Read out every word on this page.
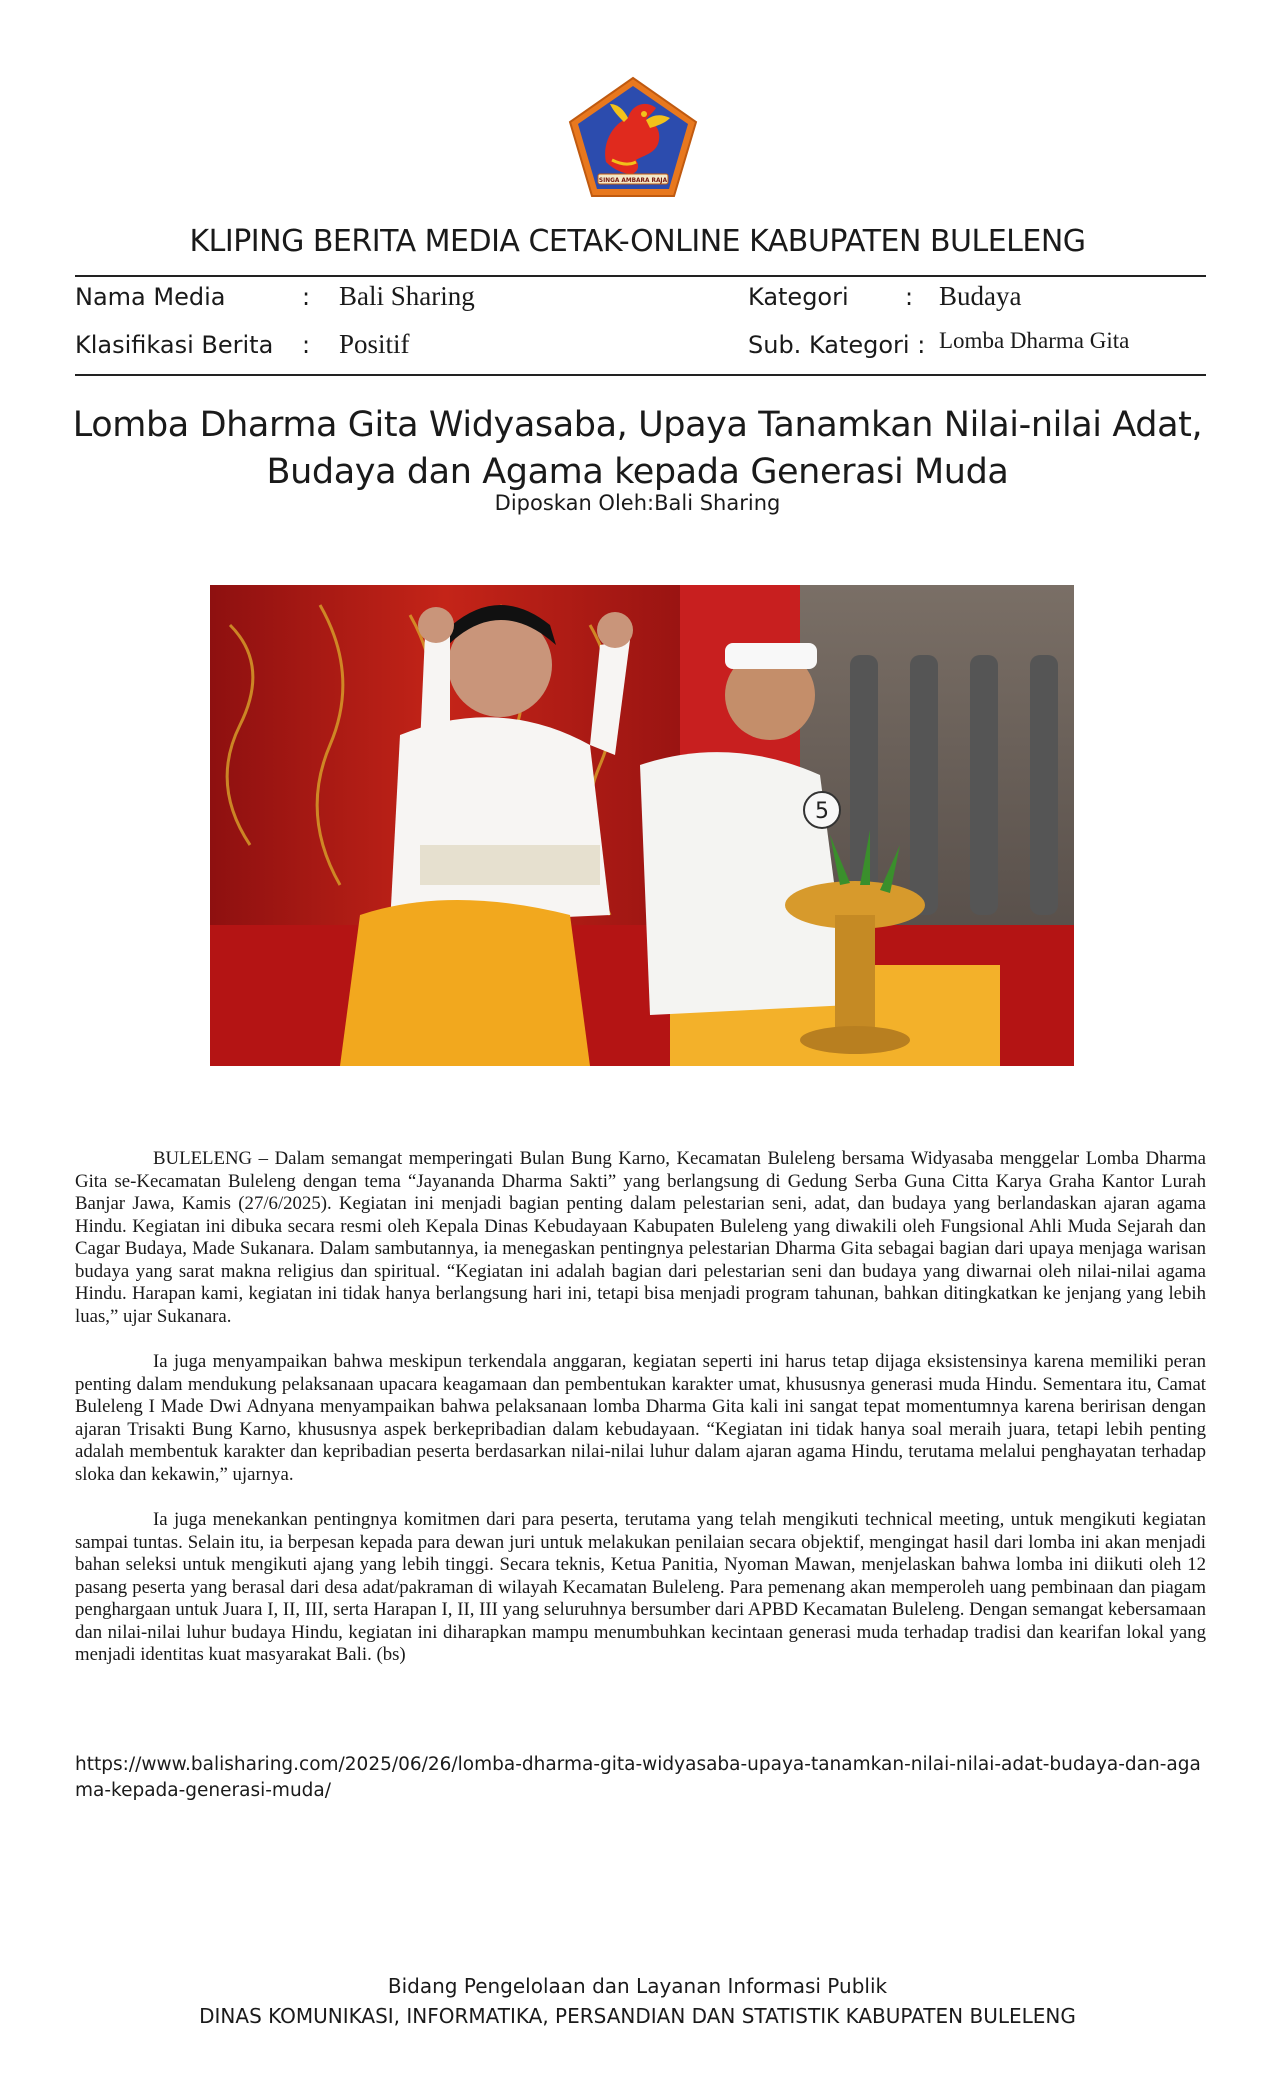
SINGA AMBARA RAJA
KLIPING BERITA MEDIA CETAK-ONLINE KABUPATEN BULELENG
Nama Media	: Bali Sharing
Klasifikasi Berita : Positif
Kategori : Budaya
Sub. Kategori : Lomba Dharma Gita
Lomba Dharma Gita Widyasaba, Upaya Tanamkan Nilai-nilai Adat,
Budaya dan Agama kepada Generasi Muda
Diposkan Oleh:Bali Sharing
5

BULELENG – Dalam semangat memperingati Bulan Bung Karno, Kecamatan Buleleng bersama Widyasaba menggelar Lomba Dharma Gita se-Kecamatan Buleleng dengan tema “Jayananda Dharma Sakti” yang berlangsung di Gedung Serba Guna Citta Karya Graha Kantor Lurah Banjar Jawa, Kamis (27/6/2025). Kegiatan ini menjadi bagian penting dalam pelestarian seni, adat, dan budaya yang berlandaskan ajaran agama Hindu. Kegiatan ini dibuka secara resmi oleh Kepala Dinas Kebudayaan Kabupaten Buleleng yang diwakili oleh Fungsional Ahli Muda Sejarah dan Cagar Budaya, Made Sukanara. Dalam sambutannya, ia menegaskan pentingnya pelestarian Dharma Gita sebagai bagian dari upaya menjaga warisan budaya yang sarat makna religius dan spiritual. “Kegiatan ini adalah bagian dari pelestarian seni dan budaya yang diwarnai oleh nilai-nilai agama Hindu. Harapan kami, kegiatan ini tidak hanya berlangsung hari ini, tetapi bisa menjadi program tahunan, bahkan ditingkatkan ke jenjang yang lebih luas,” ujar Sukanara.

Ia juga menyampaikan bahwa meskipun terkendala anggaran, kegiatan seperti ini harus tetap dijaga eksistensinya karena memiliki peran penting dalam mendukung pelaksanaan upacara keagamaan dan pembentukan karakter umat, khususnya generasi muda Hindu. Sementara itu, Camat Buleleng I Made Dwi Adnyana menyampaikan bahwa pelaksanaan lomba Dharma Gita kali ini sangat tepat momentumnya karena beririsan dengan ajaran Trisakti Bung Karno, khususnya aspek berkepribadian dalam kebudayaan. “Kegiatan ini tidak hanya soal meraih juara, tetapi lebih penting adalah membentuk karakter dan kepribadian peserta berdasarkan nilai-nilai luhur dalam ajaran agama Hindu, terutama melalui penghayatan terhadap sloka dan kekawin,” ujarnya.

Ia juga menekankan pentingnya komitmen dari para peserta, terutama yang telah mengikuti technical meeting, untuk mengikuti kegiatan sampai tuntas. Selain itu, ia berpesan kepada para dewan juri untuk melakukan penilaian secara objektif, mengingat hasil dari lomba ini akan menjadi bahan seleksi untuk mengikuti ajang yang lebih tinggi. Secara teknis, Ketua Panitia, Nyoman Mawan, menjelaskan bahwa lomba ini diikuti oleh 12 pasang peserta yang berasal dari desa adat/pakraman di wilayah Kecamatan Buleleng. Para pemenang akan memperoleh uang pembinaan dan piagam penghargaan untuk Juara I, II, III, serta Harapan I, II, III yang seluruhnya bersumber dari APBD Kecamatan Buleleng. Dengan semangat kebersamaan dan nilai-nilai luhur budaya Hindu, kegiatan ini diharapkan mampu menumbuhkan kecintaan generasi muda terhadap tradisi dan kearifan lokal yang menjadi identitas kuat masyarakat Bali. (bs)

https://www.balisharing.com/2025/06/26/lomba-dharma-gita-widyasaba-upaya-tanamkan-nilai-nilai-adat-budaya-dan-agama-kepada-generasi-muda/
Bidang Pengelolaan dan Layanan Informasi Publik
DINAS KOMUNIKASI, INFORMATIKA, PERSANDIAN DAN STATISTIK KABUPATEN BULELENG
